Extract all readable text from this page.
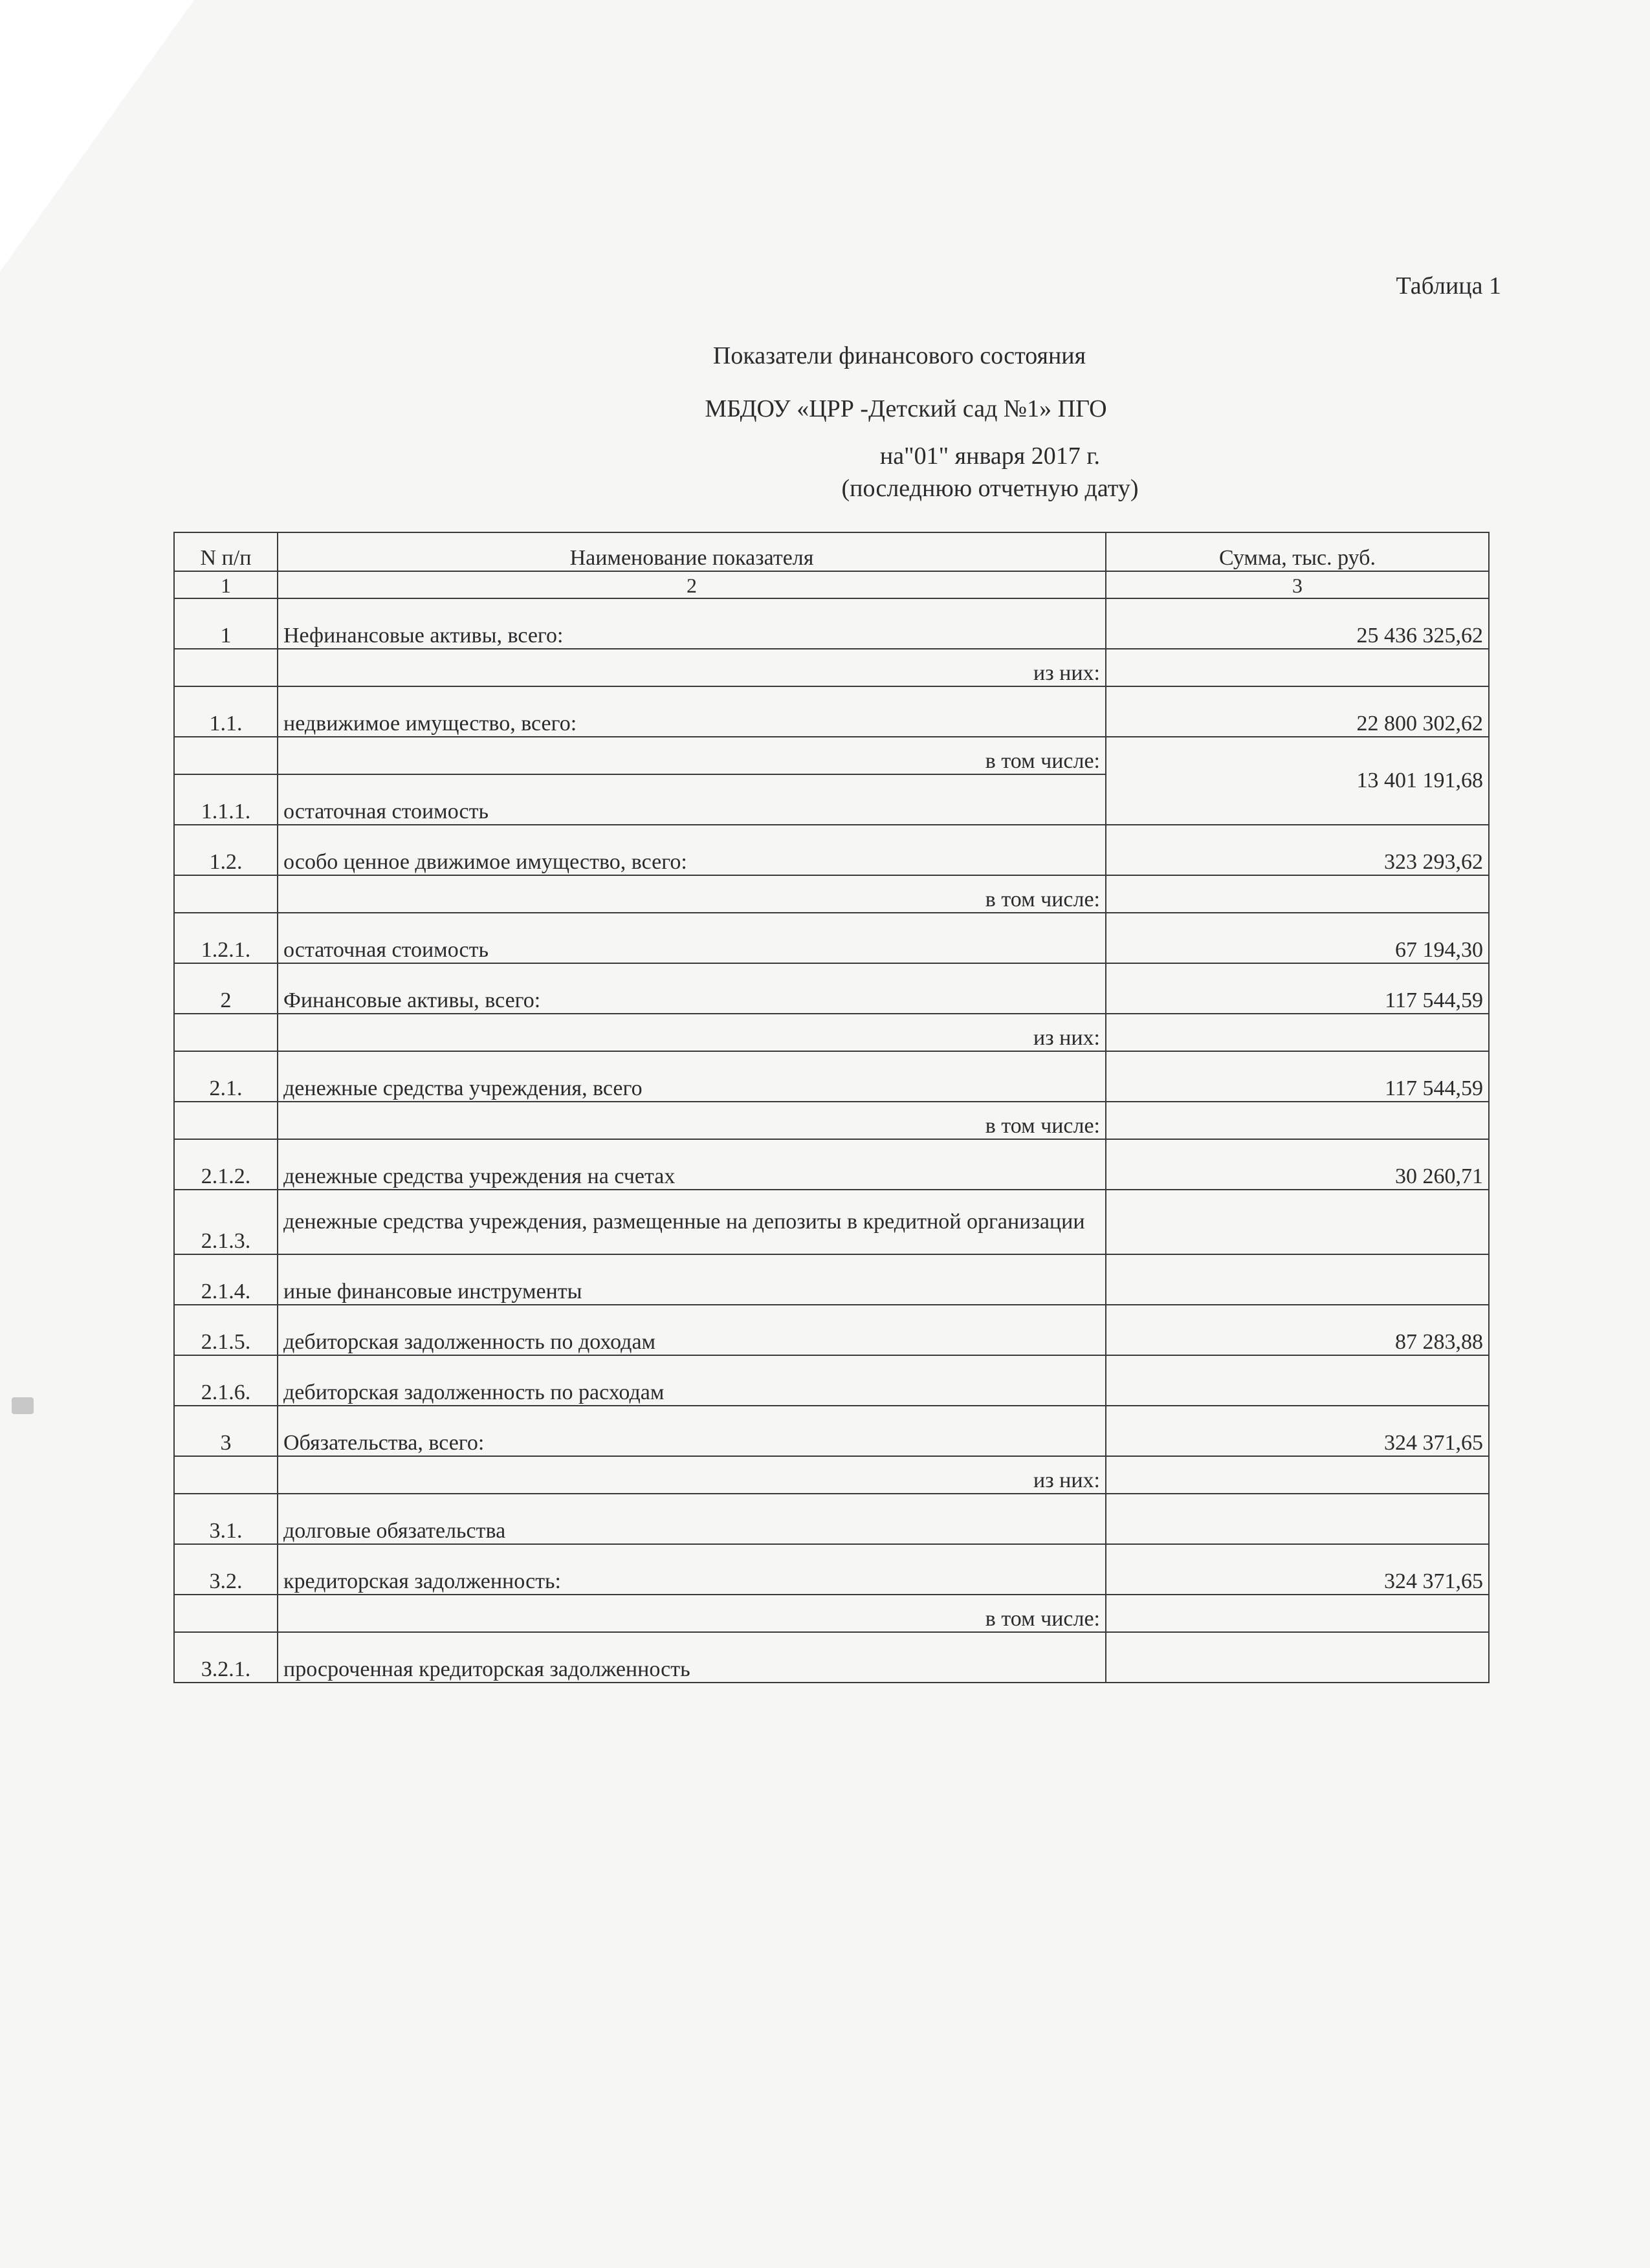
Таблица 1
Показатели финансового состояния
МБДОУ «ЦРР -Детский сад №1» ПГО
на"01" января 2017 г.
(последнюю отчетную дату)
N п/п	Наименование показателя	Сумма, тыс. руб.
1	2	3
1	Нефинансовые активы, всего:	25 436 325,62
	из них:	
1.1.	недвижимое имущество, всего:	22 800 302,62
	в том числе:	13 401 191,68
1.1.1.	остаточная стоимость	
1.2.	особо ценное движимое имущество, всего:	323 293,62
	в том числе:	
1.2.1.	остаточная стоимость	67 194,30
2	Финансовые активы, всего:	117 544,59
	из них:	
2.1.	денежные средства учреждения, всего	117 544,59
	в том числе:	
2.1.2.	денежные средства учреждения на счетах	30 260,71
2.1.3.	денежные средства учреждения, размещенные на депозиты в кредитной организации	
2.1.4.	иные финансовые инструменты	
2.1.5.	дебиторская задолженность по доходам	87 283,88
2.1.6.	дебиторская задолженность по расходам	
3	Обязательства, всего:	324 371,65
	из них:	
3.1.	долговые обязательства	
3.2.	кредиторская задолженность:	324 371,65
	в том числе:	
3.2.1.	просроченная кредиторская задолженность	
